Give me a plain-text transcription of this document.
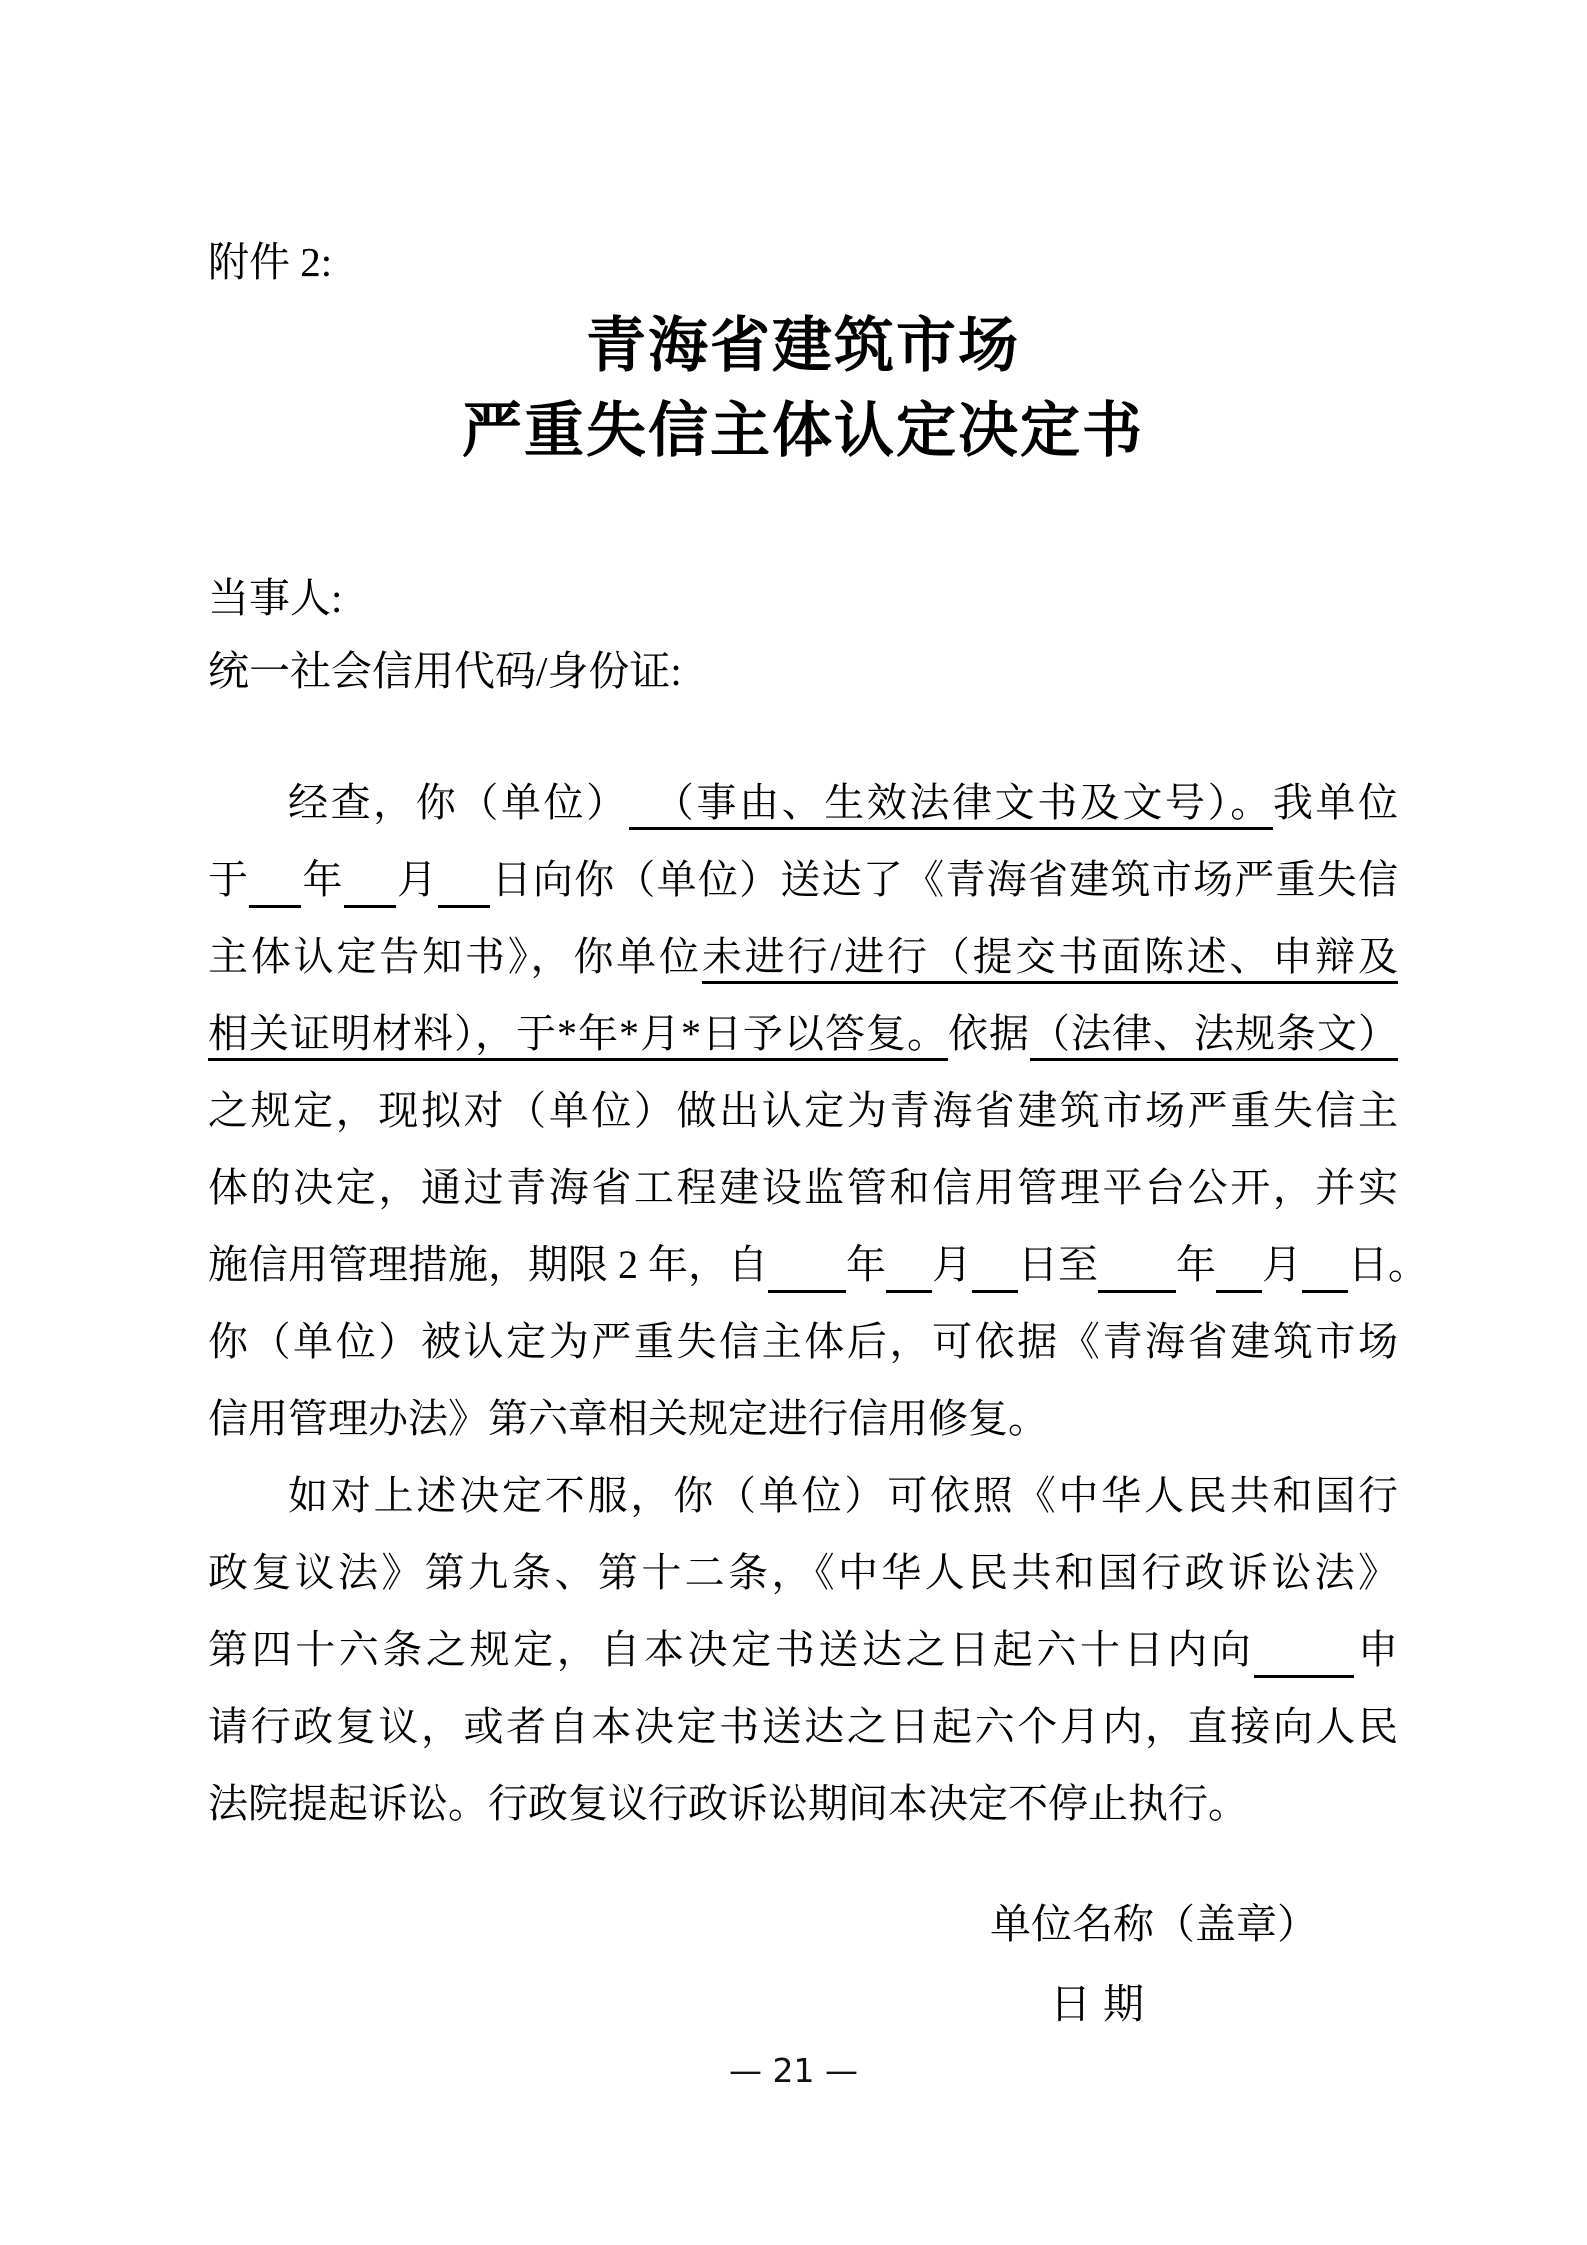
附件 2:
青海省建筑市场
严重失信主体认定决定书
当事人:
统一社会信用代码/身份证:
经查，你（单位）  （事由、生效法律文书及文号）。我单位
于 年 月 日向你（单位）送达了《青海省建筑市场严重失信
主体认定告知书》，你单位未进行/进行（提交书面陈述、申辩及
相关证明材料），于*年*月*日予以答复。依据（法律、法规条文）
之规定，现拟对（单位）做出认定为青海省建筑市场严重失信主
体的决定，通过青海省工程建设监管和信用管理平台公开，并实
施信用管理措施，期限 2 年，自 年 月 日至 年 月 日。
你（单位）被认定为严重失信主体后，可依据《青海省建筑市场
信用管理办法》第六章相关规定进行信用修复。
如对上述决定不服，你（单位）可依照《中华人民共和国行
政复议法》第九条、第十二条，《中华人民共和国行政诉讼法》
第四十六条之规定，自本决定书送达之日起六十日内向	申
请行政复议，或者自本决定书送达之日起六个月内，直接向人民
法院提起诉讼。行政复议行政诉讼期间本决定不停止执行。
单位名称（盖章）
日期
— 21 —
